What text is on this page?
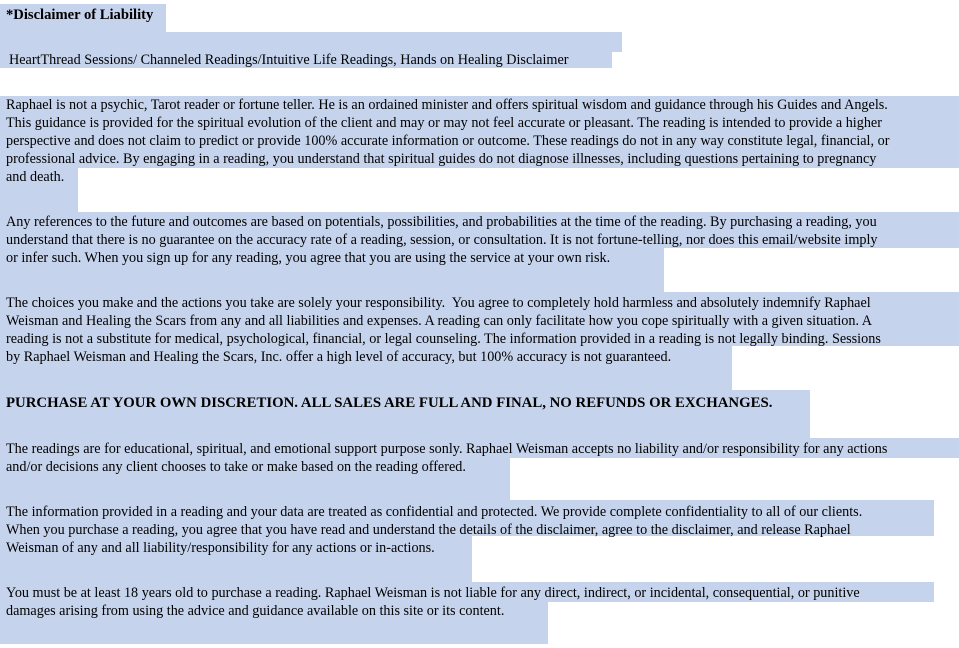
*Disclaimer of Liability
HeartThread Sessions/ Channeled Readings/Intuitive Life Readings, Hands on Healing Disclaimer
Raphael is not a psychic, Tarot reader or fortune teller. He is an ordained minister and offers spiritual wisdom and guidance through his Guides and Angels.
This guidance is provided for the spiritual evolution of the client and may or may not feel accurate or pleasant. The reading is intended to provide a higher
perspective and does not claim to predict or provide 100% accurate information or outcome. These readings do not in any way constitute legal, financial, or
professional advice. By engaging in a reading, you understand that spiritual guides do not diagnose illnesses, including questions pertaining to pregnancy
and death.
Any references to the future and outcomes are based on potentials, possibilities, and probabilities at the time of the reading. By purchasing a reading, you
understand that there is no guarantee on the accuracy rate of a reading, session, or consultation. It is not fortune-telling, nor does this email/website imply
or infer such. When you sign up for any reading, you agree that you are using the service at your own risk.
The choices you make and the actions you take are solely your responsibility.  You agree to completely hold harmless and absolutely indemnify Raphael
Weisman and Healing the Scars from any and all liabilities and expenses. A reading can only facilitate how you cope spiritually with a given situation. A
reading is not a substitute for medical, psychological, financial, or legal counseling. The information provided in a reading is not legally binding. Sessions
by Raphael Weisman and Healing the Scars, Inc. offer a high level of accuracy, but 100% accuracy is not guaranteed.
PURCHASE AT YOUR OWN DISCRETION. ALL SALES ARE FULL AND FINAL, NO REFUNDS OR EXCHANGES.
The readings are for educational, spiritual, and emotional support purpose sonly. Raphael Weisman accepts no liability and/or responsibility for any actions
and/or decisions any client chooses to take or make based on the reading offered.
The information provided in a reading and your data are treated as confidential and protected. We provide complete confidentiality to all of our clients.
When you purchase a reading, you agree that you have read and understand the details of the disclaimer, agree to the disclaimer, and release Raphael
Weisman of any and all liability/responsibility for any actions or in-actions.
You must be at least 18 years old to purchase a reading. Raphael Weisman is not liable for any direct, indirect, or incidental, consequential, or punitive
damages arising from using the advice and guidance available on this site or its content.
